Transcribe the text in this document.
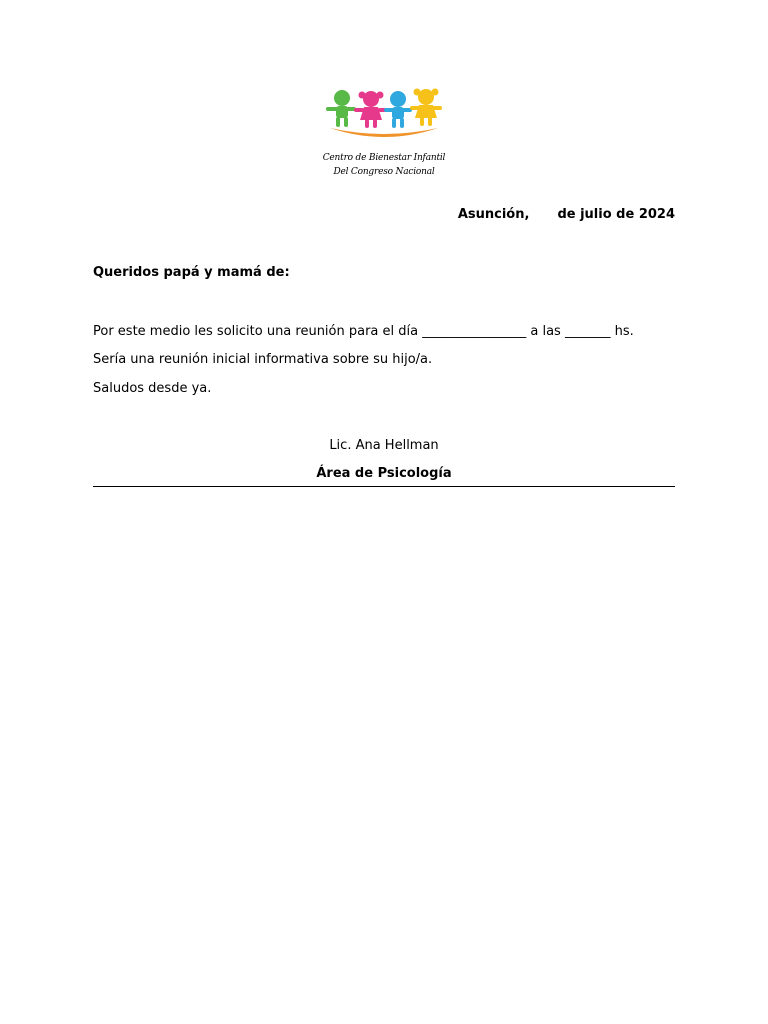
Centro de Bienestar Infantil
Del Congreso Nacional
Asunción, de julio de 2024
Queridos papá y mamá de:
Por este medio les solicito una reunión para el día ________________ a las _______ hs.
Sería una reunión inicial informativa sobre su hijo/a.
Saludos desde ya.
Lic. Ana Hellman
Área de Psicología
